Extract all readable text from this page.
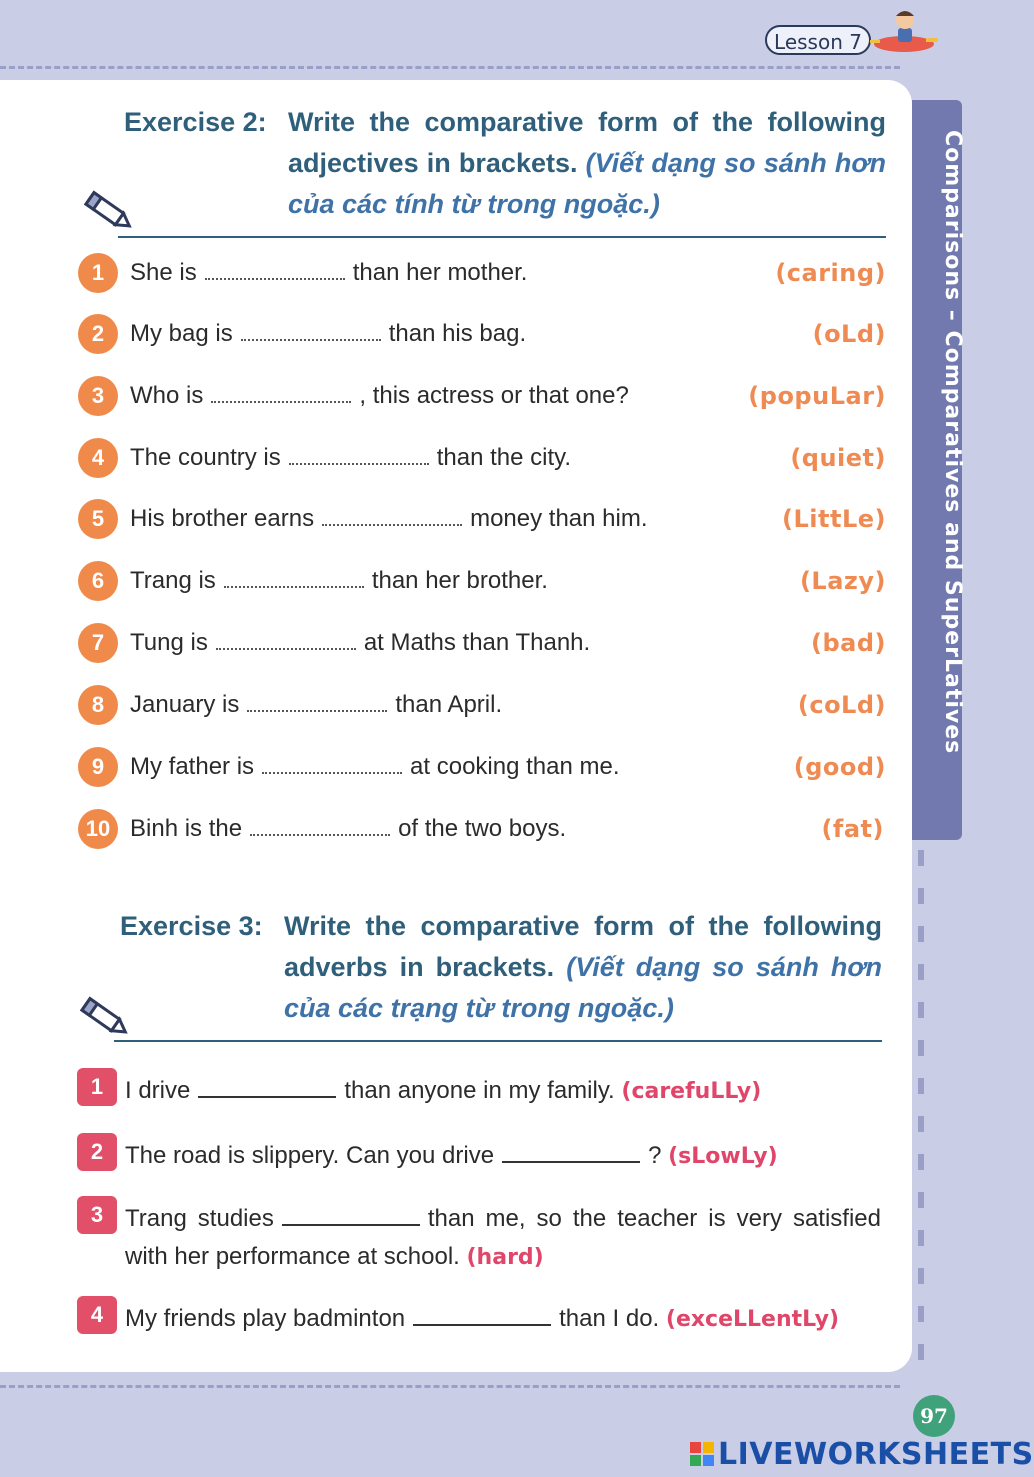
Lesson 7
Comparisons – Comparatives and SuperLatives
Exercise 2: Write the comparative form of the following adjectives in brackets. (Viết dạng so sánh hơn của các tính từ trong ngoặc.)
1	She is	than her mother.	(caring)
2	My bag is	than his bag.	(oLd)
3	Who is	, this actress or that one?	(popuLar)
4	The country is	than the city.	(quiet)
5	His brother earns	money than him.	(LittLe)
6	Trang is	than her brother.	(Lazy)
7	Tung is	at Maths than Thanh.	(bad)
8	January is	than April.	(coLd)
9	My father is	at cooking than me.	(good)
10 Binh is the	of the two boys.	(fat)
Exercise 3: Write the comparative form of the following adverbs in brackets. (Viết dạng so sánh hơn của các trạng từ trong ngoặc.)
1 I drive	than anyone in my family. (carefuLLy)
2 The road is slippery. Can you drive	? (sLowLy)
3 Trang studies	than me, so the teacher is very satisfied with her performance at school. (hard)
4 My friends play badminton	than I do. (exceLLentLy)
97
LIVEWORKSHEETS
